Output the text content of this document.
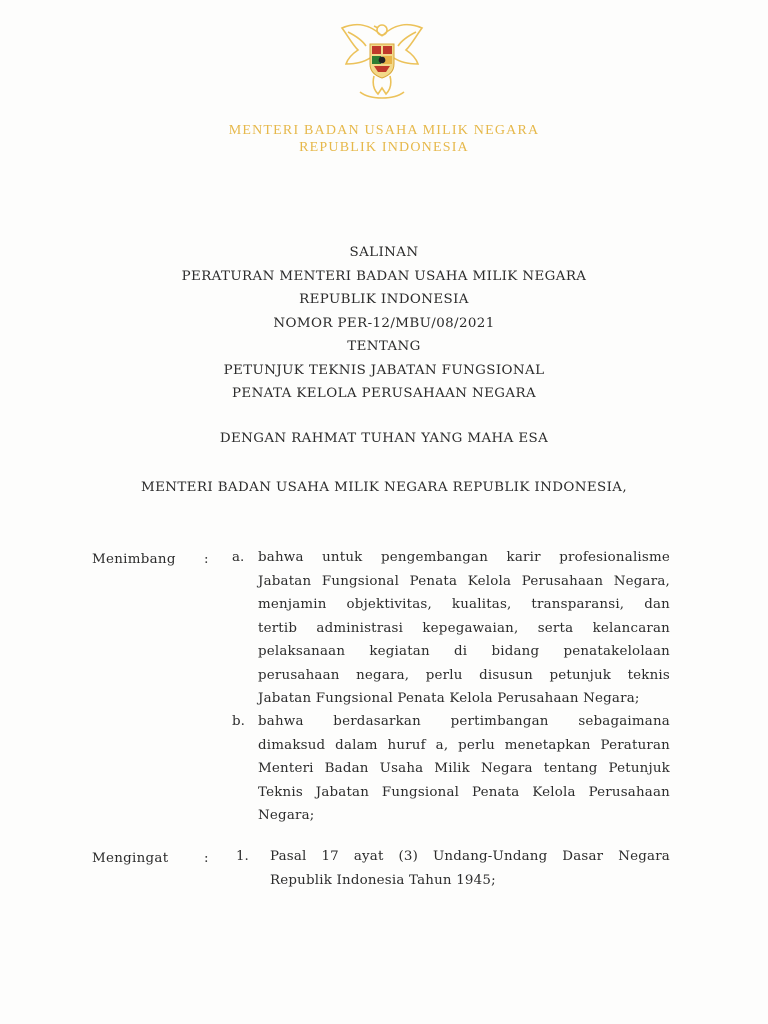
MENTERI BADAN USAHA MILIK NEGARA
REPUBLIK INDONESIA
SALINAN
PERATURAN MENTERI BADAN USAHA MILIK NEGARA
REPUBLIK INDONESIA
NOMOR PER-12/MBU/08/2021
TENTANG
PETUNJUK TEKNIS JABATAN FUNGSIONAL
PENATA KELOLA PERUSAHAAN NEGARA
DENGAN RAHMAT TUHAN YANG MAHA ESA
MENTERI BADAN USAHA MILIK NEGARA REPUBLIK INDONESIA,
Menimbang : a. bahwa untuk pengembangan karir profesionalisme
Jabatan Fungsional Penata Kelola Perusahaan Negara,
menjamin objektivitas, kualitas, transparansi, dan
tertib administrasi kepegawaian, serta kelancaran
pelaksanaan kegiatan di bidang penatakelolaan
perusahaan negara, perlu disusun petunjuk teknis
Jabatan Fungsional Penata Kelola Perusahaan Negara;
b. bahwa berdasarkan pertimbangan sebagaimana
dimaksud dalam huruf a, perlu menetapkan Peraturan
Menteri Badan Usaha Milik Negara tentang Petunjuk
Teknis Jabatan Fungsional Penata Kelola Perusahaan
Negara;
Mengingat	: 1. Pasal 17 ayat (3) Undang-Undang Dasar Negara
Republik Indonesia Tahun 1945;
